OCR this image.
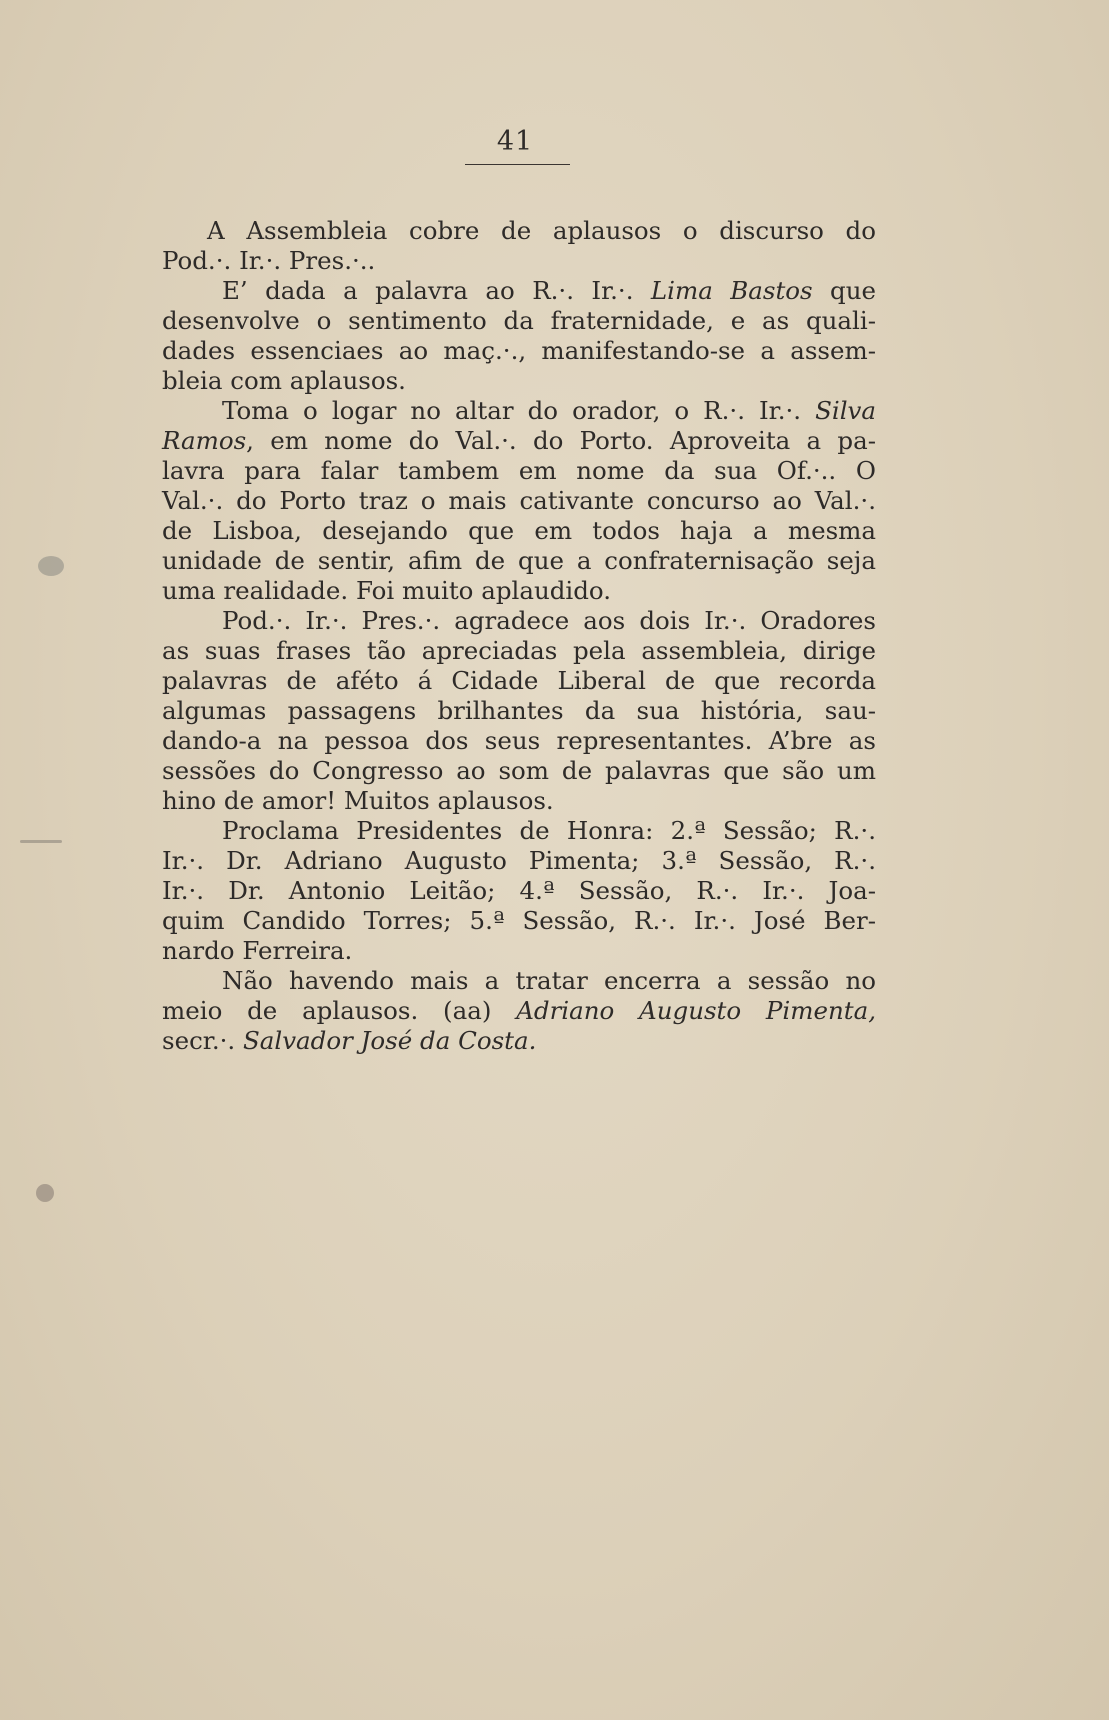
41
A Assembleia cobre de aplausos o discurso do
Pod.·. Ir.·. Pres.·..
E’ dada a palavra ao R.·. Ir.·. Lima Bastos que
desenvolve o sentimento da fraternidade, e as quali-
dades essenciaes ao maç.·., manifestando-se a assem-
bleia com aplausos.
Toma o logar no altar do orador, o R.·. Ir.·. Silva
Ramos, em nome do Val.·. do Porto. Aproveita a pa-
lavra para falar tambem em nome da sua Of.·.. O
Val.·. do Porto traz o mais cativante concurso ao Val.·.
de Lisboa, desejando que em todos haja a mesma
unidade de sentir, afim de que a confraternisação seja
uma realidade. Foi muito aplaudido.
Pod.·. Ir.·. Pres.·. agradece aos dois Ir.·. Oradores
as suas frases tão apreciadas pela assembleia, dirige
palavras de aféto á Cidade Liberal de que recorda
algumas passagens brilhantes da sua história, sau-
dando-a na pessoa dos seus representantes. A’bre as
sessões do Congresso ao som de palavras que são um
hino de amor! Muitos aplausos.
Proclama Presidentes de Honra: 2.ª Sessão; R.·.
Ir.·. Dr. Adriano Augusto Pimenta; 3.ª Sessão, R.·.
Ir.·. Dr. Antonio Leitão; 4.ª Sessão, R.·. Ir.·. Joa-
quim Candido Torres; 5.ª Sessão, R.·. Ir.·. José Ber-
nardo Ferreira.
Não havendo mais a tratar encerra a sessão no
meio de aplausos. (aa) Adriano Augusto Pimenta,
secr.·. Salvador José da Costa.
